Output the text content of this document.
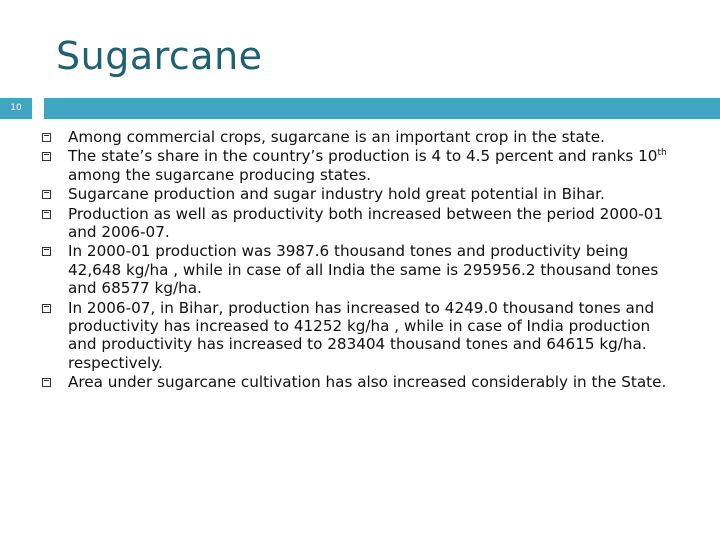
Sugarcane
10
Among commercial crops, sugarcane is an important crop in the state.
The state’s share in the country’s production is 4 to 4.5 percent and ranks 10th among the sugarcane producing states.
Sugarcane production and sugar industry hold great potential in Bihar.
Production as well as productivity both increased between the period 2000-01 and 2006-07.
In 2000-01 production was 3987.6 thousand tones and productivity being 42,648 kg/ha , while in case of all India the same is 295956.2 thousand tones and 68577 kg/ha.
In 2006-07, in Bihar, production has increased to 4249.0 thousand tones and productivity has increased to 41252 kg/ha , while in case of India production and productivity has increased to 283404 thousand tones and 64615 kg/ha. respectively.
Area under sugarcane cultivation has also increased considerably in the State.
